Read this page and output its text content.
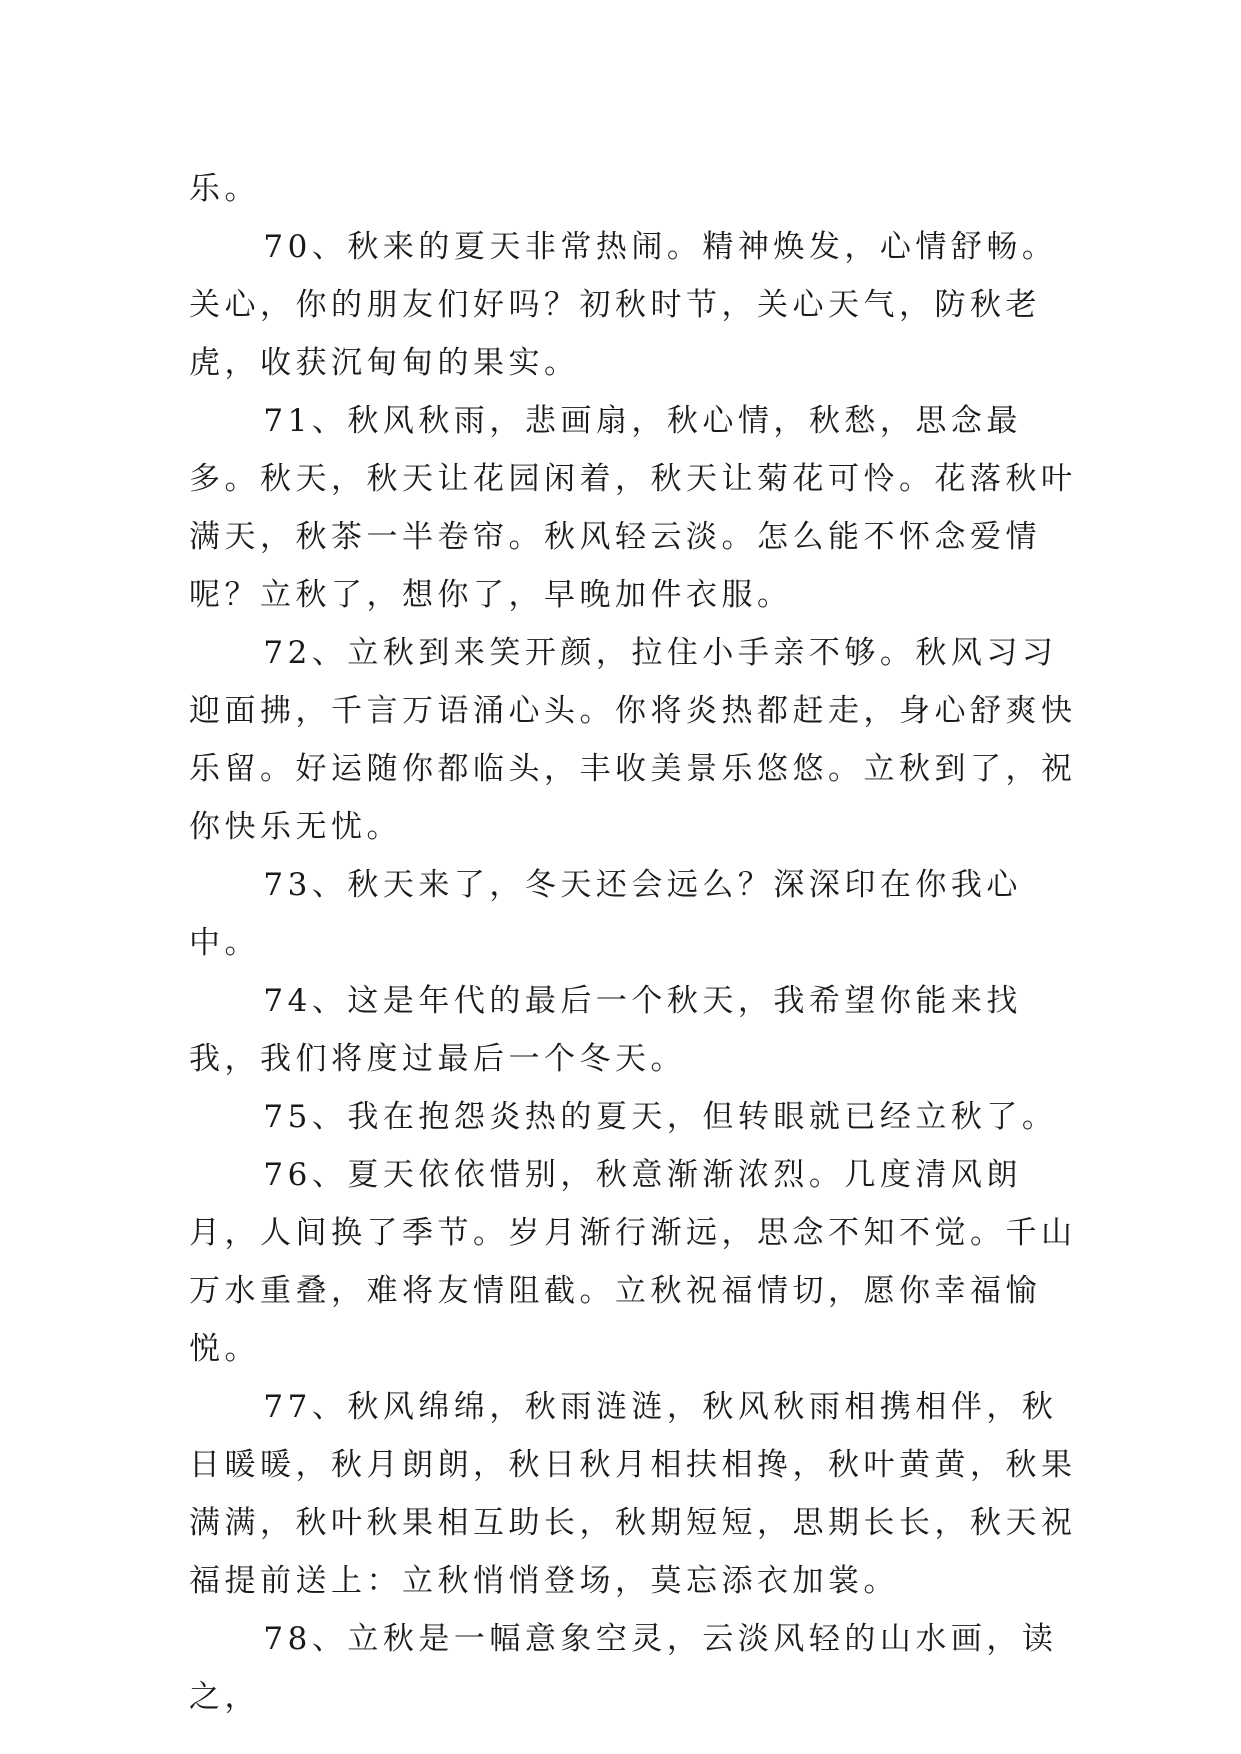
乐。

70、秋来的夏天非常热闹。精神焕发，心情舒畅。关心，你的朋友们好吗？初秋时节，关心天气，防秋老虎，收获沉甸甸的果实。

71、秋风秋雨，悲画扇，秋心情，秋愁，思念最多。秋天，秋天让花园闲着，秋天让菊花可怜。花落秋叶满天，秋茶一半卷帘。秋风轻云淡。怎么能不怀念爱情呢？立秋了，想你了，早晚加件衣服。

72、立秋到来笑开颜，拉住小手亲不够。秋风习习迎面拂，千言万语涌心头。你将炎热都赶走，身心舒爽快乐留。好运随你都临头，丰收美景乐悠悠。立秋到了，祝你快乐无忧。

73、秋天来了，冬天还会远么？深深印在你我心中。

74、这是年代的最后一个秋天，我希望你能来找我，我们将度过最后一个冬天。

75、我在抱怨炎热的夏天，但转眼就已经立秋了。

76、夏天依依惜别，秋意渐渐浓烈。几度清风朗月，人间换了季节。岁月渐行渐远，思念不知不觉。千山万水重叠，难将友情阻截。立秋祝福情切，愿你幸福愉悦。

77、秋风绵绵，秋雨涟涟，秋风秋雨相携相伴，秋日暖暖，秋月朗朗，秋日秋月相扶相搀，秋叶黄黄，秋果满满，秋叶秋果相互助长，秋期短短，思期长长，秋天祝福提前送上：立秋悄悄登场，莫忘添衣加裳。

78、立秋是一幅意象空灵，云淡风轻的山水画，读之，
